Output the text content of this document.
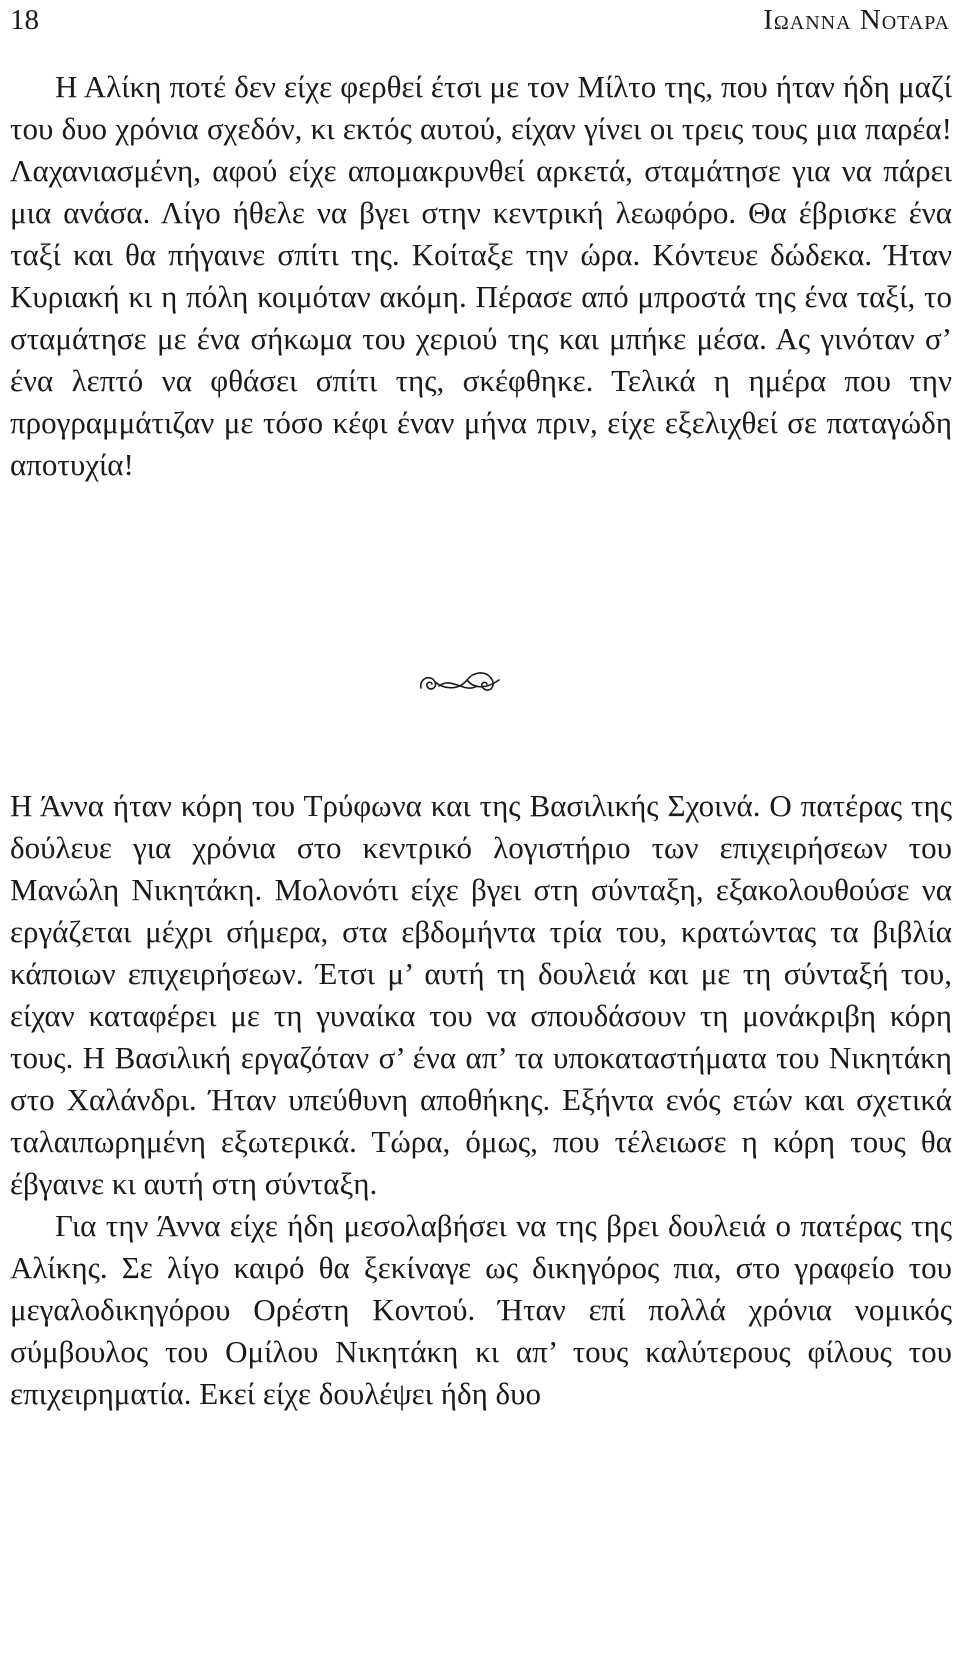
18	Ιωαννα Νοταρα

Η Αλίκη ποτέ δεν είχε φερθεί έτσι με τον Μίλτο της, που ήταν ήδη μαζί του δυο χρόνια σχεδόν, κι εκτός αυτού, είχαν γίνει οι τρεις τους μια παρέα! Λαχανιασμένη, αφού είχε απομακρυνθεί αρκετά, σταμάτησε για να πάρει μια ανάσα. Λίγο ήθελε να βγει στην κεντρική λεωφόρο. Θα έβρισκε ένα ταξί και θα πήγαινε σπίτι της. Κοίταξε την ώρα. Κόντευε δώδεκα. Ήταν Κυριακή κι η πόλη κοιμόταν ακόμη. Πέρασε από μπροστά της ένα ταξί, το σταμάτησε με ένα σήκωμα του χεριού της και μπήκε μέσα. Ας γινόταν σ’ ένα λεπτό να φθάσει σπίτι της, σκέφθηκε. Τελικά η ημέρα που την προγραμμάτιζαν με τόσο κέφι έναν μήνα πριν, είχε εξελιχθεί σε παταγώδη αποτυχία!

Η Άννα ήταν κόρη του Τρύφωνα και της Βασιλικής Σχοινά. Ο πατέρας της δούλευε για χρόνια στο κεντρικό λογιστήριο των επιχειρήσεων του Μανώλη Νικητάκη. Μολονότι είχε βγει στη σύνταξη, εξακολουθούσε να εργάζεται μέχρι σήμερα, στα εβδομήντα τρία του, κρατώντας τα βιβλία κάποιων επιχειρήσεων. Έτσι μ’ αυτή τη δουλειά και με τη σύνταξή του, είχαν καταφέρει με τη γυναίκα του να σπουδάσουν τη μονάκριβη κόρη τους. Η Βασιλική εργαζόταν σ’ ένα απ’ τα υποκαταστήματα του Νικητάκη στο Χαλάνδρι. Ήταν υπεύθυνη αποθήκης. Εξήντα ενός ετών και σχετικά ταλαιπωρημένη εξωτερικά. Τώρα, όμως, που τέλειωσε η κόρη τους θα έβγαινε κι αυτή στη σύνταξη.

Για την Άννα είχε ήδη μεσολαβήσει να της βρει δουλειά ο πατέρας της Αλίκης. Σε λίγο καιρό θα ξεκίναγε ως δικηγόρος πια, στο γραφείο του μεγαλοδικηγόρου Ορέστη Κοντού. Ήταν επί πολλά χρόνια νομικός σύμβουλος του Ομίλου Νικητάκη κι απ’ τους καλύτερους φίλους του επιχειρηματία. Εκεί είχε δουλέψει ήδη δυο
